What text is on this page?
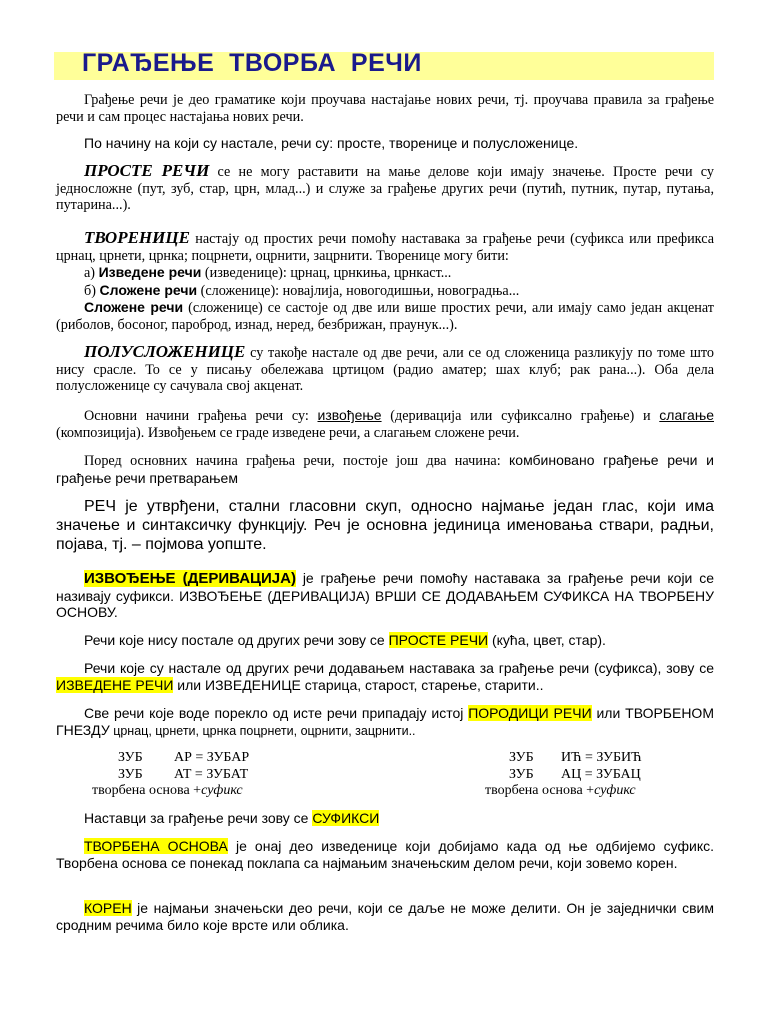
ГРАЂЕЊЕ  ТВОРБА  РЕЧИ

Грађење речи је део граматике који проучава настајање нових речи, тј. проучава правила за грађење речи и сам процес настајања нових речи.

По начину на који су настале, речи су: просте, творенице и полусложенице.

ПРОСТЕ РЕЧИ се не могу раставити на мање делове који имају значење. Просте речи су једносложне (пут, зуб, стар, црн, млад...) и служе за грађење других речи (путић, путник, путар, путања, путарина...).

ТВОРЕНИЦЕ настају од простих речи помоћу наставака за грађење речи (суфикса или префикса црнац, црнети, црнка; поцрнети, оцрнити, зацрнити. Творенице могу бити:

а) Изведене речи (изведенице): црнац, црнкиња, црнкаст...

б) Сложене речи (сложенице): новајлија, новогодишњи, новоградња...

Сложене речи (сложенице) се састоје од две или више простих речи, али имају само један акценат (риболов, босоног, пароброд, изнад, неред, безбрижан, праунук...).

ПОЛУСЛОЖЕНИЦЕ су такође настале од две речи, али се од сложеница разликују по томе што нису срасле. То се у писању обележава цртицом (радио аматер; шах клуб; рак рана...). Оба дела полусложенице су сачувала свој акценат.

Основни начини грађења речи су: извођење (деривација или суфиксално грађење) и слагање (композиција). Извођењем се граде изведене речи, а слагањем сложене речи.

Поред основних начина грађења речи, постоје још два начина: комбиновано грађење речи и грађење речи претварањем

РЕЧ је утврђени, стални гласовни скуп, односно најмање један глас, који има значење и синтаксичку функцију. Реч је основна јединица именовања ствари, радњи, појава, тј. – појмова уопште.

ИЗВОЂЕЊЕ (ДЕРИВАЦИЈА) је грађење речи помоћу наставака за грађење речи који се називају суфикси. ИЗВОЂЕЊЕ (ДЕРИВАЦИЈА) ВРШИ СЕ ДОДАВАЊЕМ СУФИКСА НА ТВОРБЕНУ ОСНОВУ.

Речи које нису постале од других речи зову се ПРОСТЕ РЕЧИ (кућа, цвет, стар).

Речи које су настале од других речи додавањем наставака за грађење речи (суфикса), зову се ИЗВЕДЕНЕ РЕЧИ или ИЗВЕДЕНИЦЕ старица, старост, старење, старити..

Све речи које воде порекло од исте речи припадају истој ПОРОДИЦИ РЕЧИ или ТВОРБЕНОМ ГНЕЗДУ црнац, црнети, црнка поцрнети, оцрнити, зацрнити..

ЗУБ АР = ЗУБАР
ЗУБ АТ = ЗУБАТ
творбена основа +суфикс
ЗУБ ИЋ = ЗУБИЋ
ЗУБ АЦ = ЗУБАЦ
творбена основа +суфикс

Наставци за грађење речи зову се СУФИКСИ

ТВОРБЕНА ОСНОВА је онај део изведенице који добијамо када од ње одбијемо суфикс. Творбена основа се понекад поклапа са најмањим значењским делом речи, који зовемо корен.

КОРЕН је најмањи значењски део речи, који се даље не може делити. Он је заједнички свим сродним речима било које врсте или облика.
